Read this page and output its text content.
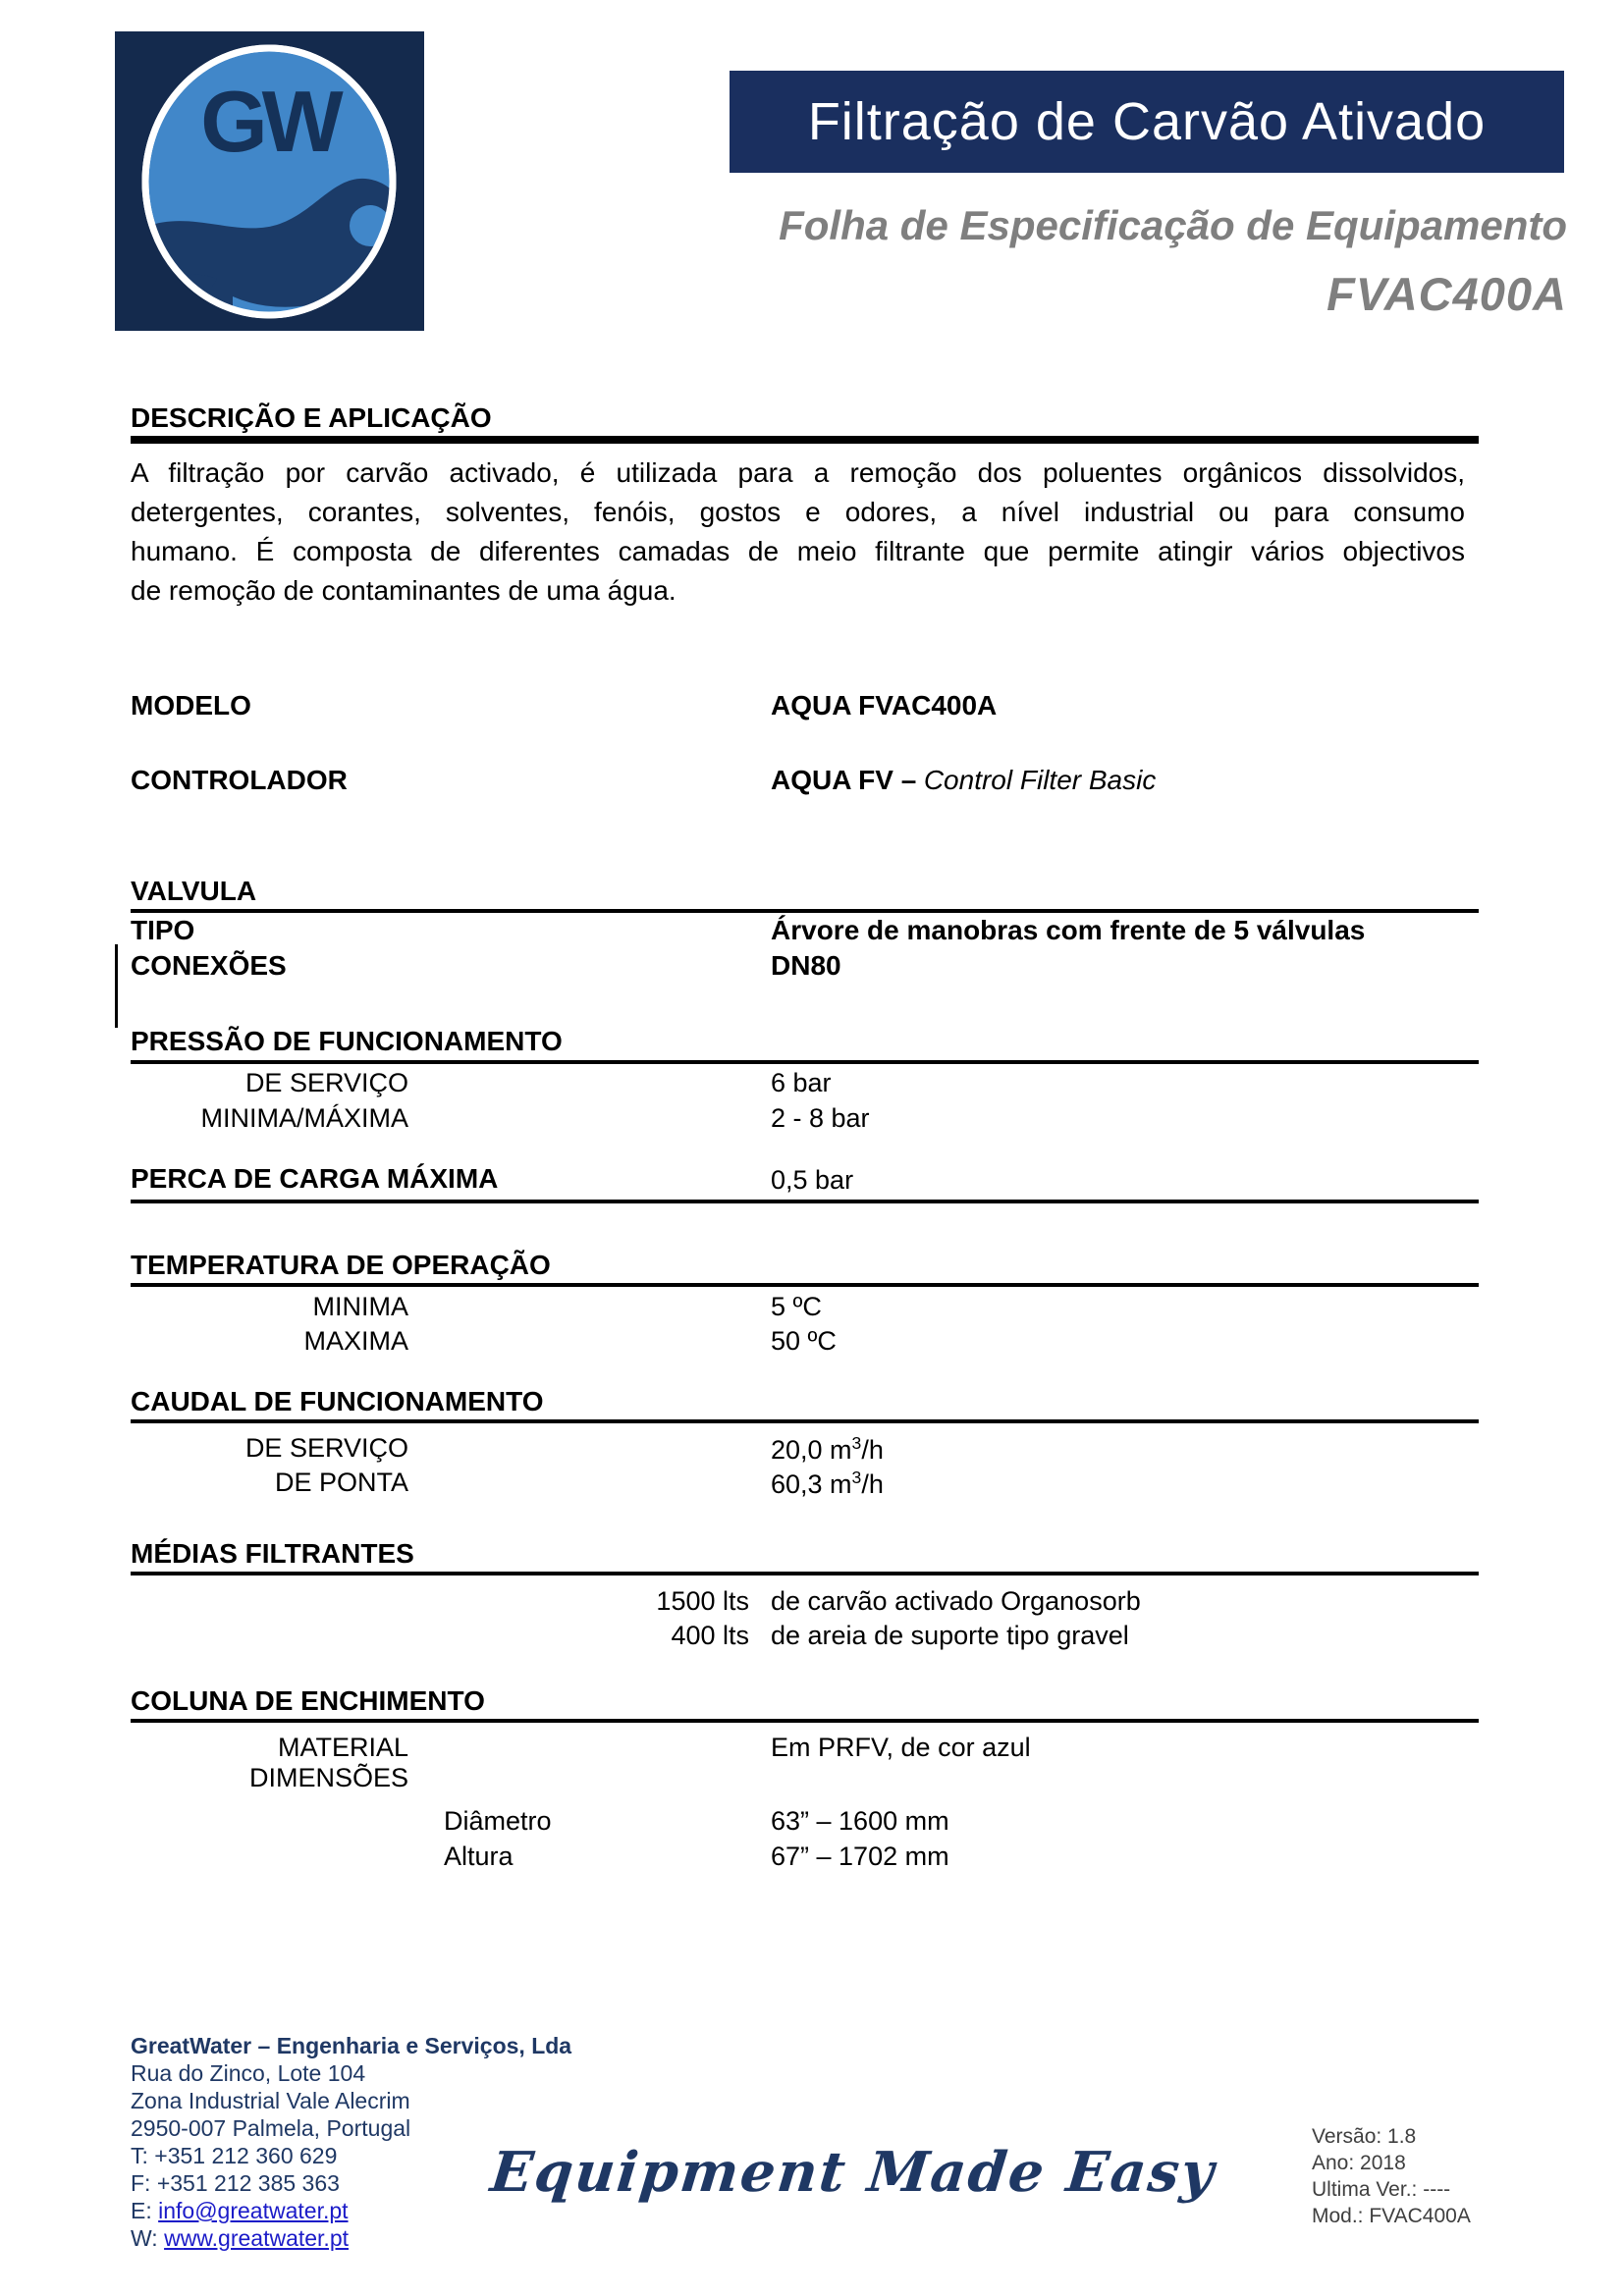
GW	Filtração de Carvão Ativado
Folha de Especificação de Equipamento
FVAC400A
DESCRIÇÃO E APLICAÇÃO
A filtração por carvão activado, é utilizada para a remoção dos poluentes orgânicos dissolvidos,
detergentes, corantes, solventes, fenóis, gostos e odores, a nível industrial ou para consumo
humano. É composta de diferentes camadas de meio filtrante que permite atingir vários objectivos
de remoção de contaminantes de uma água.
MODELO	AQUA FVAC400A
CONTROLADOR	AQUA FV – Control Filter Basic
VALVULA
TIPO	Árvore de manobras com frente de 5 válvulas
CONEXÕES	DN80
PRESSÃO DE FUNCIONAMENTO
DE SERVIÇO	6 bar
MINIMA/MÁXIMA	2 - 8 bar
PERCA DE CARGA MÁXIMA	0,5 bar
TEMPERATURA DE OPERAÇÃO
MINIMA	5 ºC
MAXIMA	50 ºC
CAUDAL DE FUNCIONAMENTO
DE SERVIÇO	20,0 $m^3/h$
DE PONTA	60,3 $m^3/h$
MÉDIAS FILTRANTES
1500 lts de carvão activado Organosorb
400 lts de areia de suporte tipo gravel
COLUNA DE ENCHIMENTO
MATERIAL	Em PRFV, de cor azul
DIMENSÕES
Diâmetro	63” – 1600 mm
Altura	67” – 1702 mm
GreatWater – Engenharia e Serviços, Lda
Rua do Zinco, Lote 104
Zona Industrial Vale Alecrim
2950-007 Palmela, Portugal
T: +351 212 360 629
F: +351 212 385 363
E: info@greatwater.pt
W: www.greatwater.pt
Equipment Made Easy
Versão: 1.8
Ano: 2018
Ultima Ver.: ----
Mod.: FVAC400A
